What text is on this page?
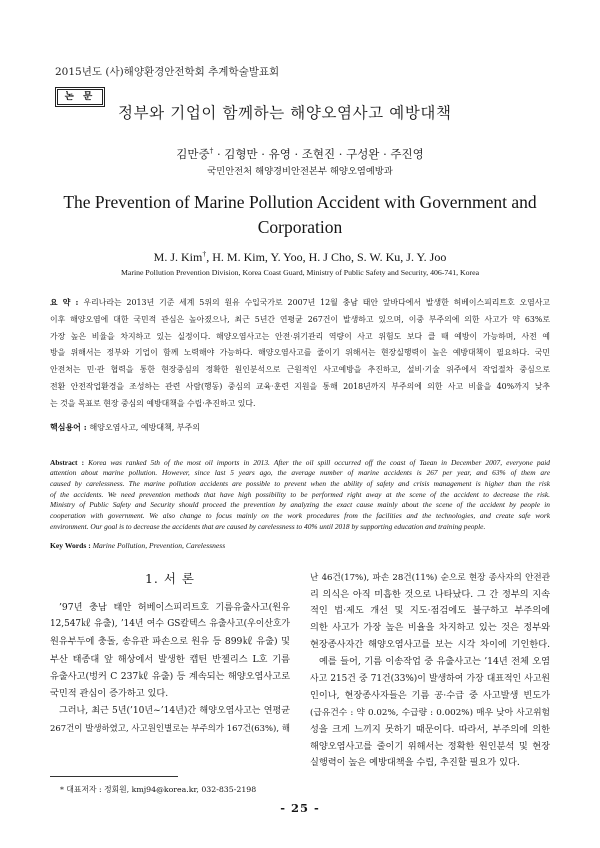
2015년도 (사)해양환경안전학회 추계학술발표회
논 문
정부와 기업이 함께하는 해양오염사고 예방대책
김만중† · 김형만 · 유영 · 조현진 · 구성완 · 주진영
국민안전처 해양경비안전본부 해양오염예방과
The Prevention of Marine Pollution Accident with Government and
Corporation
M. J. Kim†, H. M. Kim, Y. Yoo, H. J Cho, S. W. Ku, J. Y. Joo
Marine Pollution Prevention Division, Korea Coast Guard, Ministry of Public Safety and Security, 406-741, Korea
요 약 : 우리나라는 2013년 기준 세계 5위의 원유 수입국가로 2007년 12월 충남 태안 앞바다에서 발생한 허베이스피리트호 오염사고
이후 해양오염에 대한 국민적 관심은 높아졌으나, 최근 5년간 연평균 267건이 발생하고 있으며, 이중 부주의에 의한 사고가 약 63%로
가장 높은 비율을 차지하고 있는 실정이다. 해양오염사고는 안전·위기관리 역량이 사고 위험도 보다 클 때 예방이 가능하며, 사전 예
방을 위해서는 정부와 기업이 함께 노력해야 가능하다. 해양오염사고를 줄이기 위해서는 현장실행력이 높은 예방대책이 필요하다. 국민
안전처는 민·관 협력을 통한 현장중심의 정확한 원인분석으로 근원적인 사고예방을 추진하고, 설비·기술 위주에서 작업절차 중심으로
전환 안전작업환경을 조성하는 관련 사람(행동) 중심의 교육·훈련 지원을 통해 2018년까지 부주의에 의한 사고 비율을 40%까지 낮추
는 것을 목표로 현장 중심의 예방대책을 수립·추진하고 있다.
핵심용어 : 해양오염사고, 예방대책, 부주의
Abstract : Korea was ranked 5th of the most oil imports in 2013. After the oil spill occurred off the coast of Taean in December 2007, everyone paid
attention about marine pollution. However, since last 5 years ago, the average number of marine accidents is 267 per year, and 63% of them are
caused by carelessness. The marine pollution accidents are possible to prevent when the ability of safety and crisis management is higher than the risk
of the accidents. We need prevention methods that have high possibility to be performed right away at the scene of the accident to decrease the risk.
Ministry of Public Safety and Security should proceed the prevention by analyzing the exact cause mainly about the scene of the accident by people in
cooperation with government. We also change to focus mainly on the work procedures from the facilities and the technologies, and create safe work
environment. Our goal is to decrease the accidents that are caused by carelessness to 40% until 2018 by supporting education and training people.
Key Words : Marine Pollution, Prevention, Carelessness
1. 서 론
’97년 충남 태안 허베이스피리트호 기름유출사고(원유
12,547㎘ 유출), ’14년 여수 GS칼텍스 유출사고(우이산호가
원유부두에 충돌, 송유관 파손으로 원유 등 899㎘ 유출) 및
부산 태종대 앞 해상에서 발생한 캡틴 반젤리스 L호 기름
유출사고(벙커 C 237㎘ 유출) 등 계속되는 해양오염사고로
국민적 관심이 증가하고 있다.
그러나, 최근 5년(’10년~’14년)간 해양오염사고는 연평균
267건이 발생하였고, 사고원인별로는 부주의가 167건(63%), 해
난 46건(17%), 파손 28건(11%) 순으로 현장 종사자의 안전관
리 의식은 아직 미흡한 것으로 나타났다. 그 간 정부의 지속
적인 법·제도 개선 및 지도·점검에도 불구하고 부주의에
의한 사고가 가장 높은 비율을 차지하고 있는 것은 정부와
현장종사자간 해양오염사고를 보는 시각 차이에 기인한다.
예를 들어, 기름 이송작업 중 유출사고는 ’14년 전체 오염
사고 215건 중 71건(33%)이 발생하여 가장 대표적인 사고원
인이나, 현장종사자들은 기름 공·수급 중 사고발생 빈도가
(급유건수 : 약 0.02%, 수급량 : 0.002%) 매우 낮아 사고위험
성을 크게 느끼지 못하기 때문이다. 따라서, 부주의에 의한
해양오염사고를 줄이기 위해서는 정확한 원인분석 및 현장
실행력이 높은 예방대책을 수립, 추진할 필요가 있다.
* 대표저자 : 정회원, kmj94@korea.kr, 032-835-2198
- 25 -
